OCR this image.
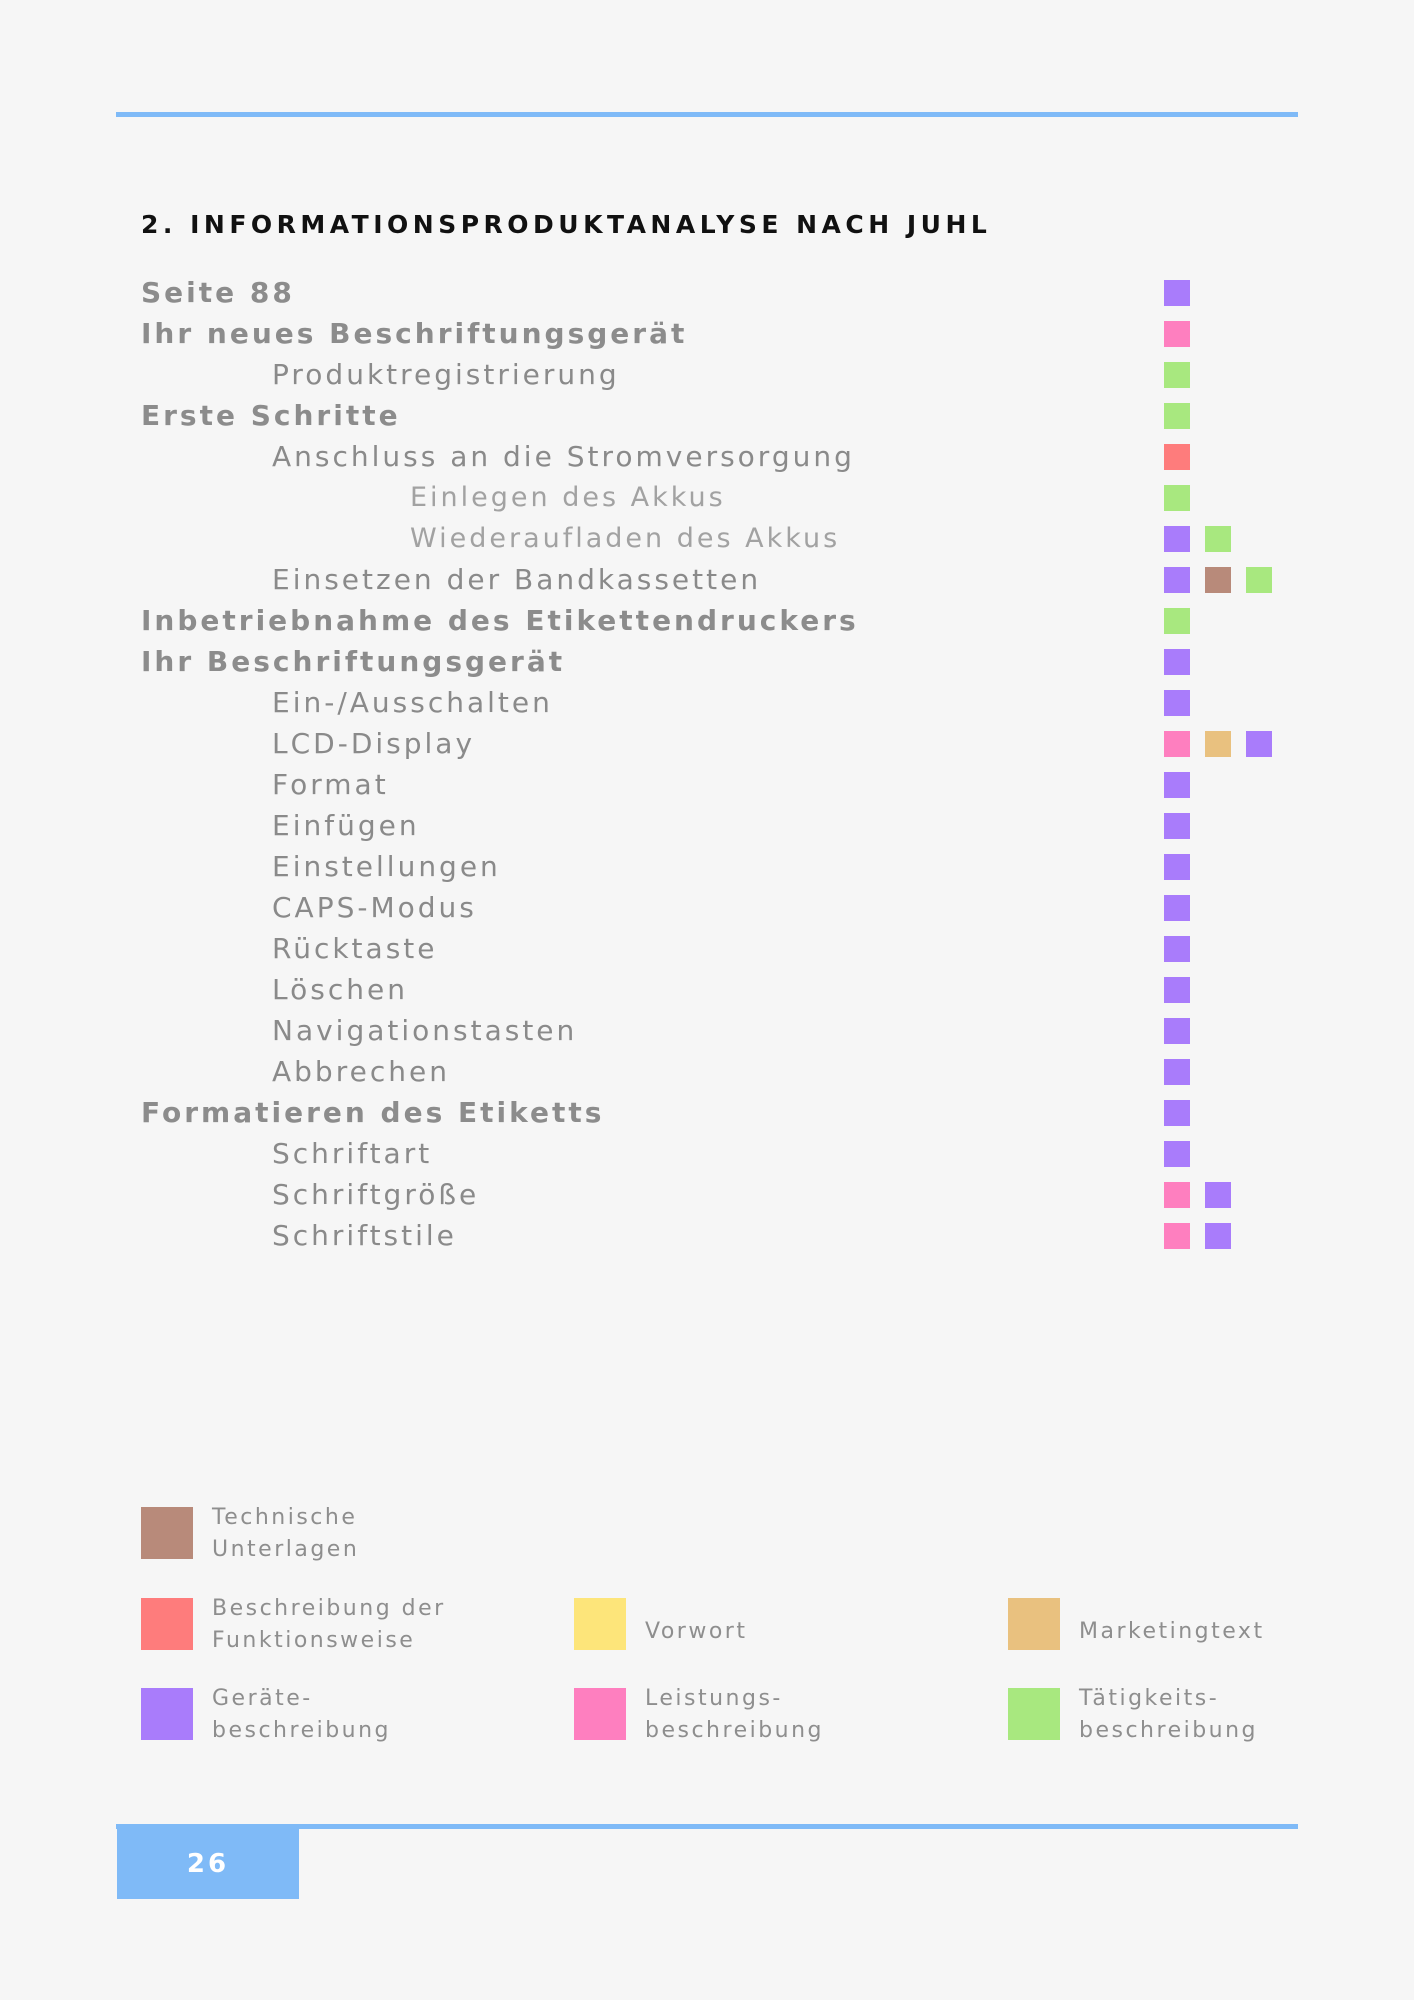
2. INFORMATIONSPRODUKTANALYSE NACH JUHL
Seite 88
Ihr neues Beschriftungsgerät
Produktregistrierung
Erste Schritte
Anschluss an die Stromversorgung
Einlegen des Akkus
Wiederaufladen des Akkus
Einsetzen der Bandkassetten
Inbetriebnahme des Etikettendruckers
Ihr Beschriftungsgerät
Ein-/Ausschalten
LCD-Display
Format
Einfügen
Einstellungen
CAPS-Modus
Rücktaste
Löschen
Navigationstasten
Abbrechen
Formatieren des Etiketts
Schriftart
Schriftgröße
Schriftstile
Technische
Unterlagen
Beschreibung der
Funktionsweise	Vorwort	Marketingtext
Geräte-
beschreibung
Leistungs-
beschreibung
Tätigkeits-
beschreibung
26
